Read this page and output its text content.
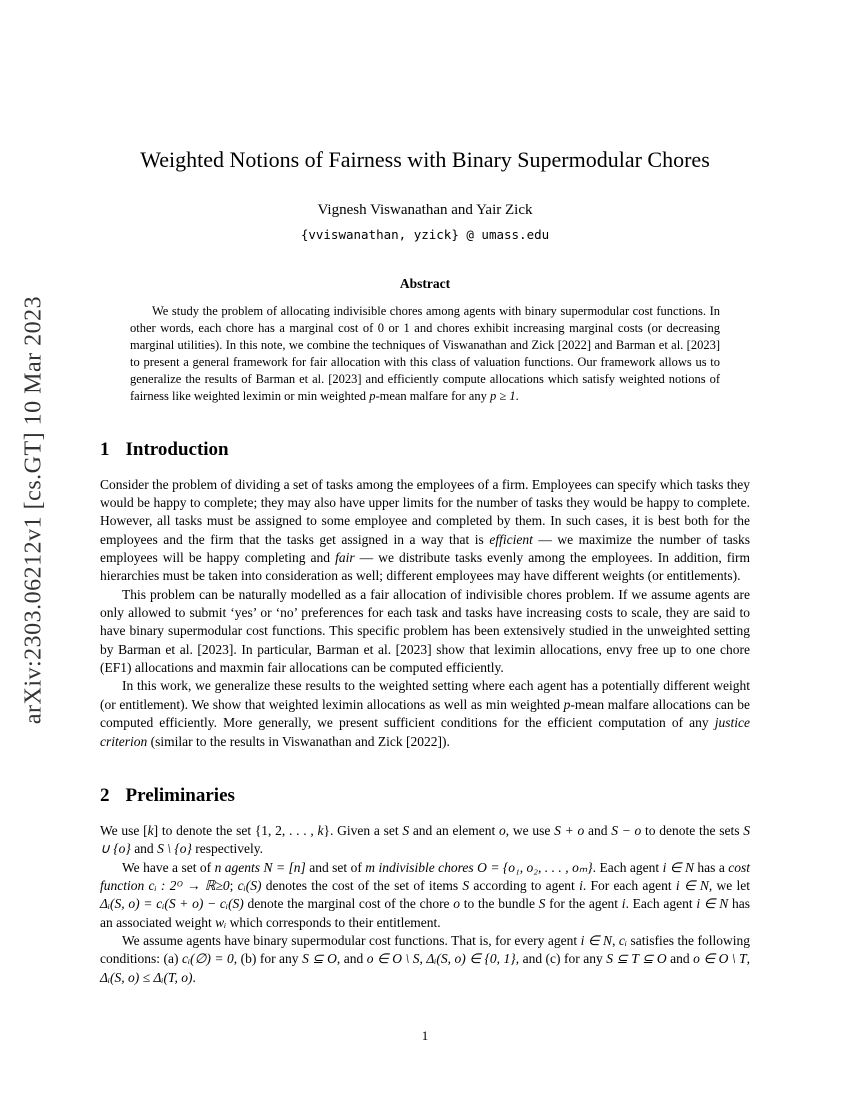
arXiv:2303.06212v1 [cs.GT] 10 Mar 2023
Weighted Notions of Fairness with Binary Supermodular Chores
Vignesh Viswanathan and Yair Zick
{vviswanathan, yzick} @ umass.edu
Abstract

We study the problem of allocating indivisible chores among agents with binary supermodular cost functions. In other words, each chore has a marginal cost of 0 or 1 and chores exhibit increasing marginal costs (or decreasing marginal utilities). In this note, we combine the techniques of Viswanathan and Zick [2022] and Barman et al. [2023] to present a general framework for fair allocation with this class of valuation functions. Our framework allows us to generalize the results of Barman et al. [2023] and efficiently compute allocations which satisfy weighted notions of fairness like weighted leximin or min weighted p-mean malfare for any p ≥ 1.

1 Introduction

Consider the problem of dividing a set of tasks among the employees of a firm. Employees can specify which tasks they would be happy to complete; they may also have upper limits for the number of tasks they would be happy to complete. However, all tasks must be assigned to some employee and completed by them. In such cases, it is best both for the employees and the firm that the tasks get assigned in a way that is efficient — we maximize the number of tasks employees will be happy completing and fair — we distribute tasks evenly among the employees. In addition, firm hierarchies must be taken into consideration as well; different employees may have different weights (or entitlements).

This problem can be naturally modelled as a fair allocation of indivisible chores problem. If we assume agents are only allowed to submit ‘yes’ or ‘no’ preferences for each task and tasks have increasing costs to scale, they are said to have binary supermodular cost functions. This specific problem has been extensively studied in the unweighted setting by Barman et al. [2023]. In particular, Barman et al. [2023] show that leximin allocations, envy free up to one chore (EF1) allocations and maxmin fair allocations can be computed efficiently.

In this work, we generalize these results to the weighted setting where each agent has a potentially different weight (or entitlement). We show that weighted leximin allocations as well as min weighted p-mean malfare allocations can be computed efficiently. More generally, we present sufficient conditions for the efficient computation of any justice criterion (similar to the results in Viswanathan and Zick [2022]).

2 Preliminaries

We use [k] to denote the set {1, 2, . . . , k}. Given a set S and an element o, we use S + o and S − o to denote the sets S ∪ {o} and S \ {o} respectively.

We have a set of n agents N = [n] and set of m indivisible chores O = {o₁, o₂, . . . , oₘ}. Each agent i ∈ N has a cost function cᵢ : 2ᴼ → ℝ≥0; cᵢ(S) denotes the cost of the set of items S according to agent i. For each agent i ∈ N, we let Δᵢ(S, o) = cᵢ(S + o) − cᵢ(S) denote the marginal cost of the chore o to the bundle S for the agent i. Each agent i ∈ N has an associated weight wᵢ which corresponds to their entitlement.

We assume agents have binary supermodular cost functions. That is, for every agent i ∈ N, cᵢ satisfies the following conditions: (a) cᵢ(∅) = 0, (b) for any S ⊆ O, and o ∈ O \ S, Δᵢ(S, o) ∈ {0, 1}, and (c) for any S ⊆ T ⊆ O and o ∈ O \ T, Δᵢ(S, o) ≤ Δᵢ(T, o).

1
